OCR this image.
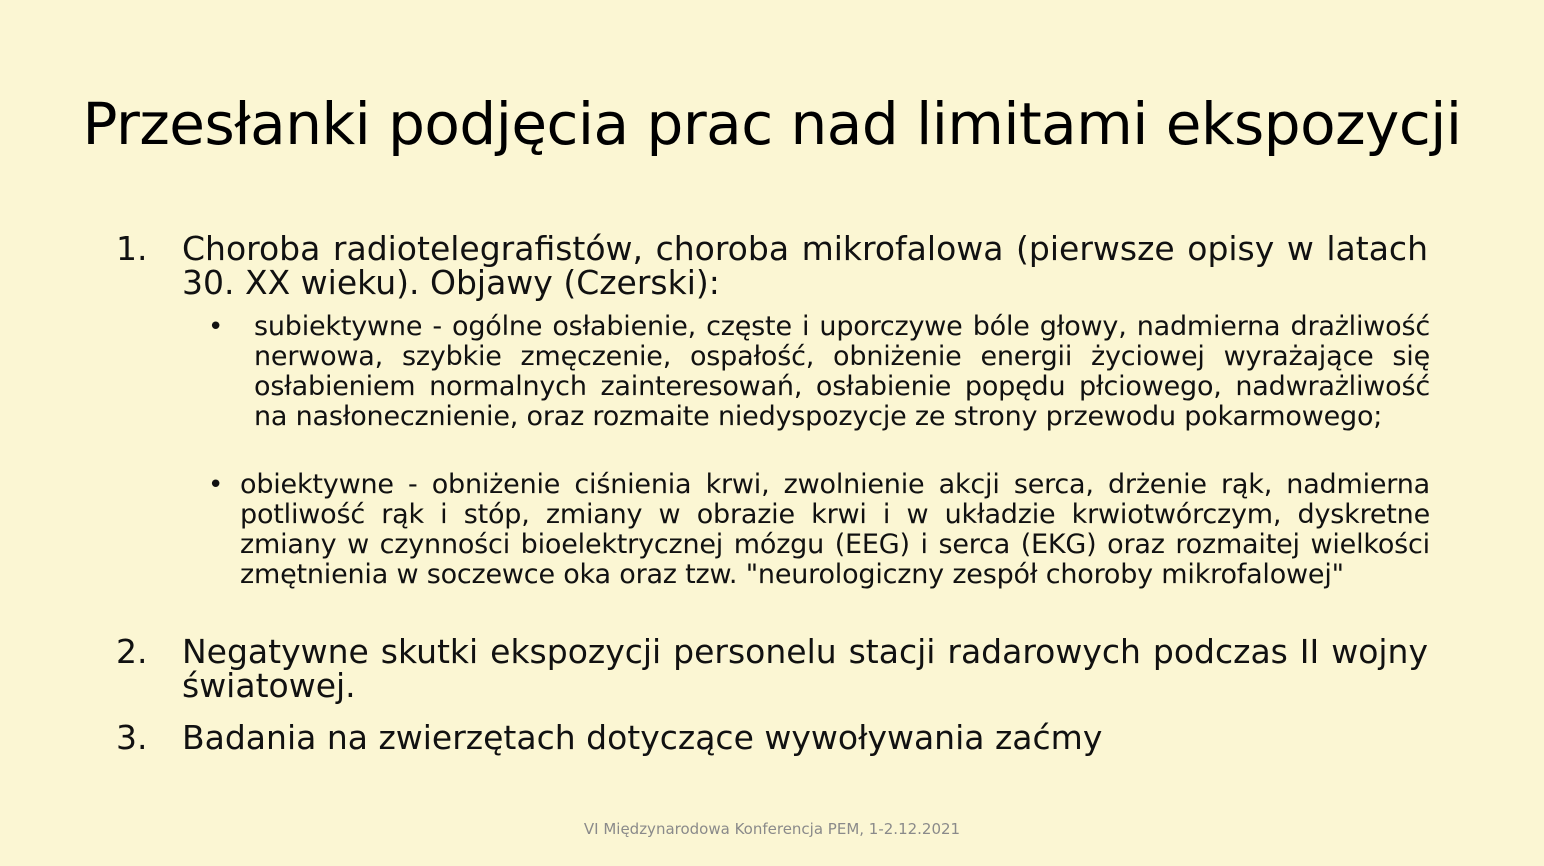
Przesłanki podjęcia prac nad limitami ekspozycji
1. Choroba radiotelegrafistów, choroba mikrofalowa (pierwsze opisy w latach 30. XX wieku). Objawy (Czerski):
• subiektywne - ogólne osłabienie, częste i uporczywe bóle głowy, nadmierna drażliwość nerwowa, szybkie zmęczenie, ospałość, obniżenie energii życiowej wyrażające się osłabieniem normalnych zainteresowań, osłabienie popędu płciowego, nadwrażliwość na nasłonecznienie, oraz rozmaite niedyspozycje ze strony przewodu pokarmowego;
• obiektywne - obniżenie ciśnienia krwi, zwolnienie akcji serca, drżenie rąk, nadmierna potliwość rąk i stóp, zmiany w obrazie krwi i w układzie krwiotwórczym, dyskretne zmiany w czynności bioelektrycznej mózgu (EEG) i serca (EKG) oraz rozmaitej wielkości zmętnienia w soczewce oka oraz tzw. "neurologiczny zespół choroby mikrofalowej"
2. Negatywne skutki ekspozycji personelu stacji radarowych podczas II wojny światowej.
3. Badania na zwierzętach dotyczące wywoływania zaćmy
VI Międzynarodowa Konferencja PEM, 1-2.12.2021
